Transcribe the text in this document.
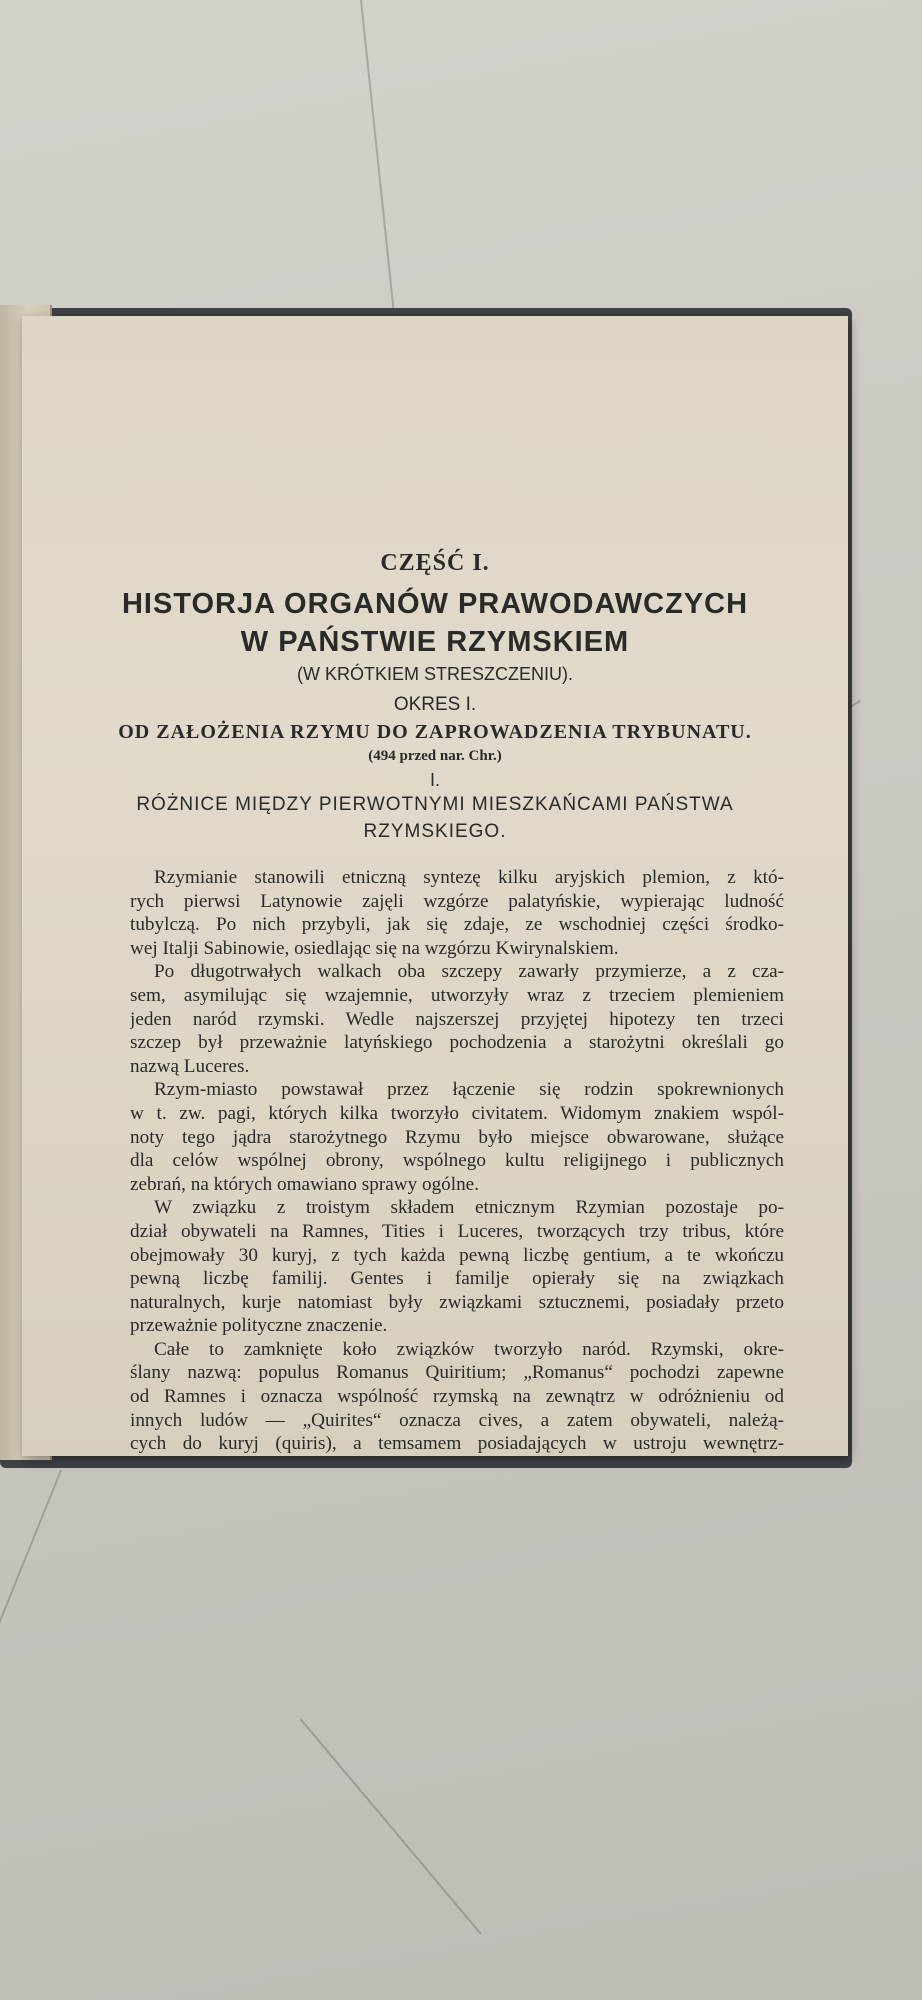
CZĘŚĆ I.
HISTORJA ORGANÓW PRAWODAWCZYCH
W PAŃSTWIE RZYMSKIEM
(W KRÓTKIEM STRESZCZENIU).
OKRES I.
OD ZAŁOŻENIA RZYMU DO ZAPROWADZENIA TRYBUNATU.
(494 przed nar. Chr.)
I.
RÓŻNICE MIĘDZY PIERWOTNYMI MIESZKAŃCAMI PAŃSTWA
RZYMSKIEGO.
Rzymianie stanowili etniczną syntezę kilku aryjskich plemion, z któ-
rych pierwsi Latynowie zajęli wzgórze palatyńskie, wypierając ludność
tubylczą. Po nich przybyli, jak się zdaje, ze wschodniej części środko-
wej Italji Sabinowie, osiedlając się na wzgórzu Kwirynalskiem.
Po długotrwałych walkach oba szczepy zawarły przymierze, a z cza-
sem, asymilując się wzajemnie, utworzyły wraz z trzeciem plemieniem
jeden naród rzymski. Wedle najszerszej przyjętej hipotezy ten trzeci
szczep był przeważnie latyńskiego pochodzenia a starożytni określali go
nazwą Luceres.
Rzym-miasto powstawał przez łączenie się rodzin spokrewnionych
w t. zw. pagi, których kilka tworzyło civitatem. Widomym znakiem wspól-
noty tego jądra starożytnego Rzymu było miejsce obwarowane, służące
dla celów wspólnej obrony, wspólnego kultu religijnego i publicznych
zebrań, na których omawiano sprawy ogólne.
W związku z troistym składem etnicznym Rzymian pozostaje po-
dział obywateli na Ramnes, Tities i Luceres, tworzących trzy tribus, które
obejmowały 30 kuryj, z tych każda pewną liczbę gentium, a te wkończu
pewną liczbę familij. Gentes i familje opierały się na związkach
naturalnych, kurje natomiast były związkami sztucznemi, posiadały przeto
przeważnie polityczne znaczenie.
Całe to zamknięte koło związków tworzyło naród. Rzymski, okre-
ślany nazwą: populus Romanus Quiritium; „Romanus“ pochodzi zapewne
od Ramnes i oznacza wspólność rzymską na zewnątrz w odróżnieniu od
innych ludów — „Quirites“ oznacza cives, a zatem obywateli, należą-
cych do kuryj (quiris), a temsamem posiadających w ustroju wewnętrz-
